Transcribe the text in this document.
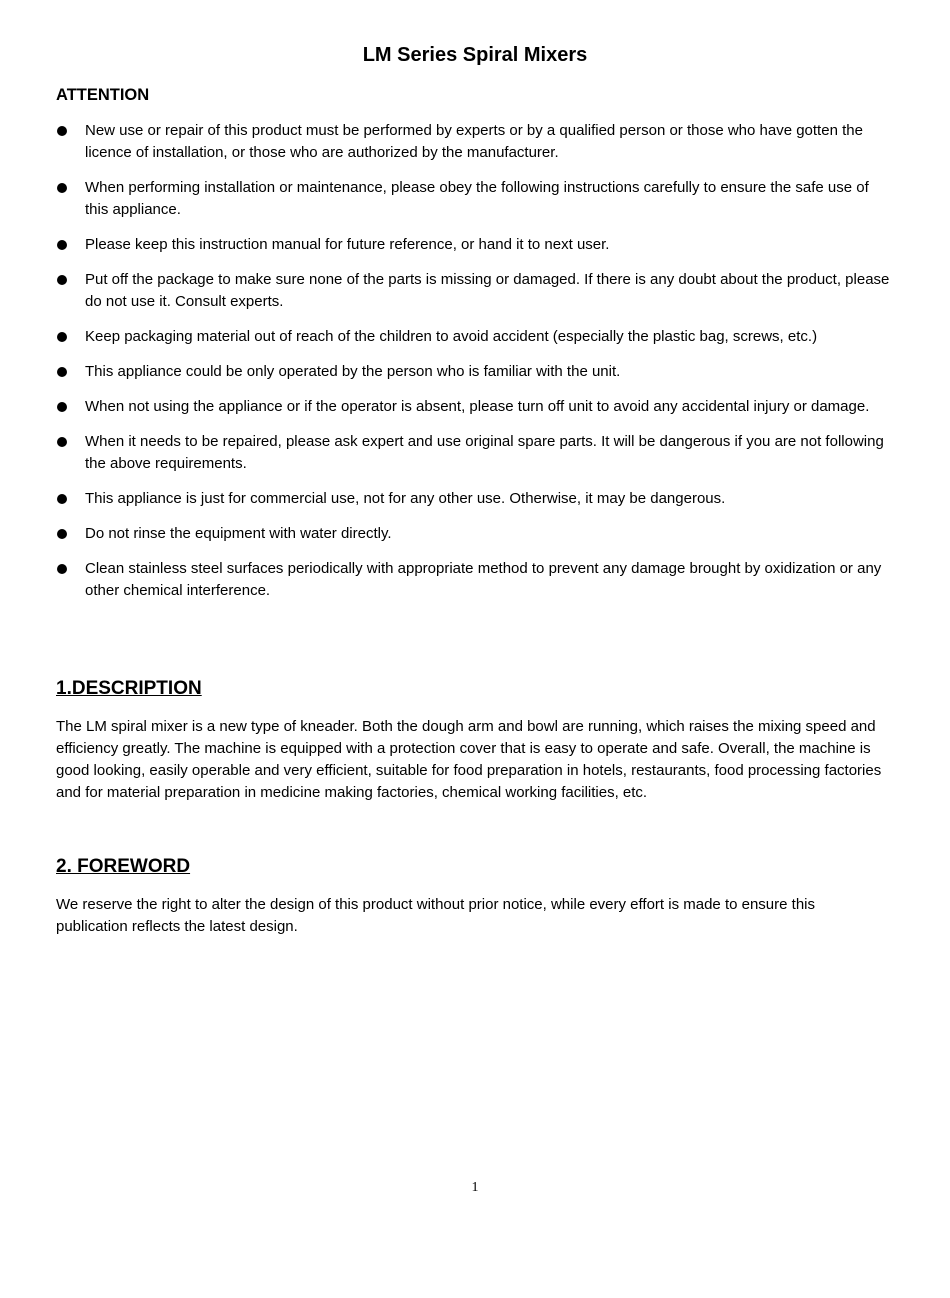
LM Series Spiral Mixers
ATTENTION
New use or repair of this product must be performed by experts or by a qualified person or those who have gotten the licence of installation, or those who are authorized by the manufacturer.
When performing installation or maintenance, please obey the following instructions carefully to ensure the safe use of this appliance.
Please keep this instruction manual for future reference, or hand it to next user.
Put off the package to make sure none of the parts is missing or damaged. If there is any doubt about the product, please do not use it. Consult experts.
Keep packaging material out of reach of the children to avoid accident (especially the plastic bag, screws, etc.)
This appliance could be only operated by the person who is familiar with the unit.
When not using the appliance or if the operator is absent, please turn off unit to avoid any accidental injury or damage.
When it needs to be repaired, please ask expert and use original spare parts. It will be dangerous if you are not following the above requirements.
This appliance is just for commercial use, not for any other use. Otherwise, it may be dangerous.
Do not rinse the equipment with water directly.
Clean stainless steel surfaces periodically with appropriate method to prevent any damage brought by oxidization or any other chemical interference.
1.DESCRIPTION

The LM spiral mixer is a new type of kneader. Both the dough arm and bowl are running, which raises the mixing speed and efficiency greatly. The machine is equipped with a protection cover that is easy to operate and safe. Overall, the machine is good looking, easily operable and very efficient, suitable for food preparation in hotels, restaurants, food processing factories and for material preparation in medicine making factories, chemical working facilities, etc.

2. FOREWORD

We reserve the right to alter the design of this product without prior notice, while every effort is made to ensure this publication reflects the latest design.

1
